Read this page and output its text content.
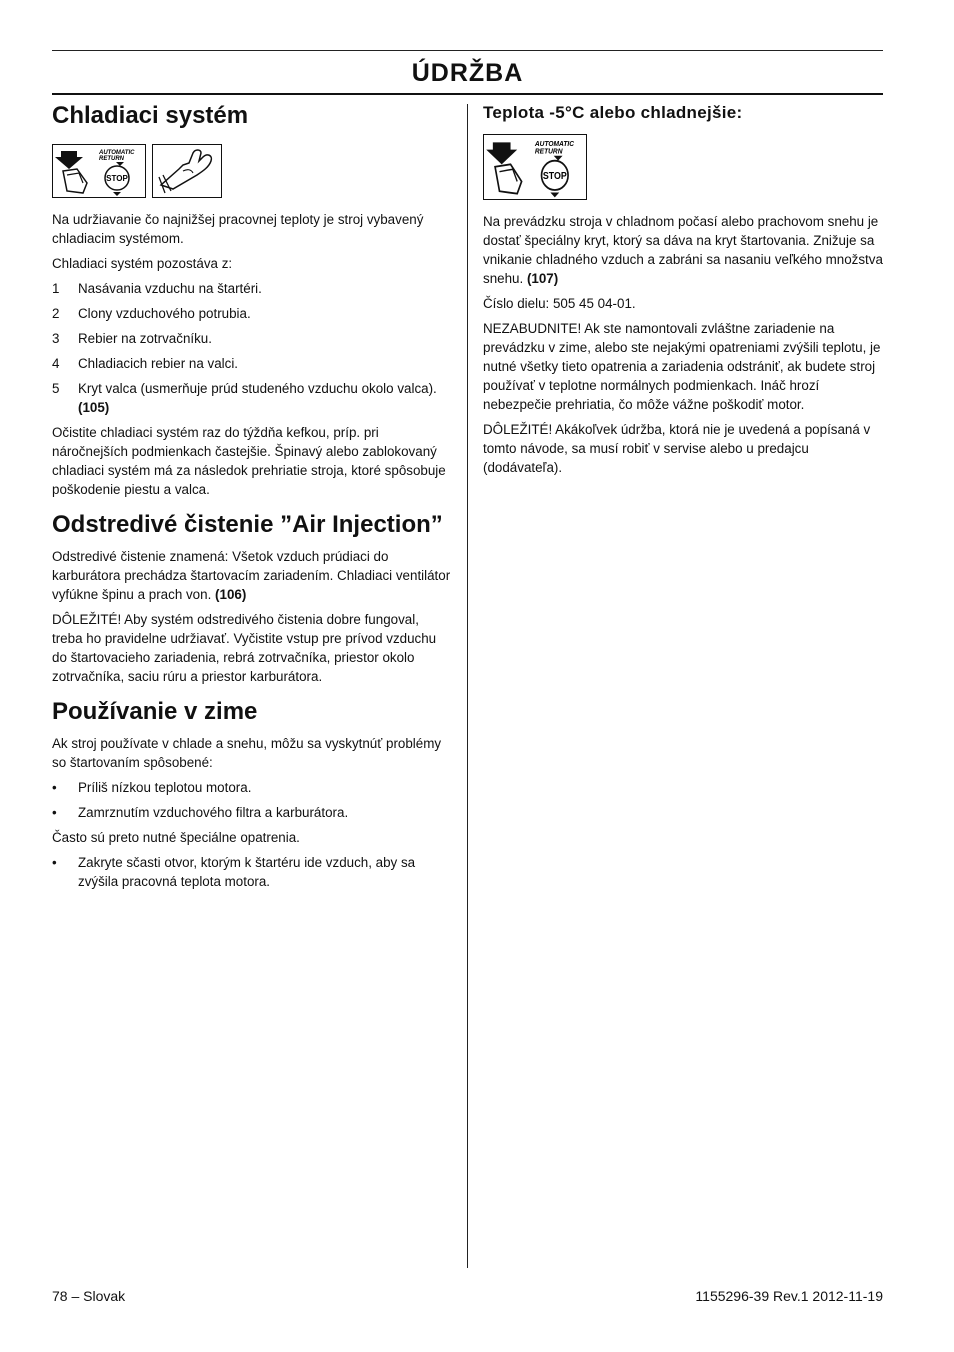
ÚDRŽBA
Chladiaci systém
AUTOMATIC
RETURN
STOP

Na udržiavanie čo najnižšej pracovnej teploty je stroj vybavený chladiacim systémom.

Chladiaci systém pozostáva z:

1 Nasávania vzduchu na štartéri.
2 Clony vzduchového potrubia.
3 Rebier na zotrvačníku.
4 Chladiacich rebier na valci.
5 Kryt valca (usmerňuje prúd studeného vzduchu okolo valca). (105)

Očistite chladiaci systém raz do týždňa kefkou, príp. pri náročnejších podmienkach častejšie. Špinavý alebo zablokovaný chladiaci systém má za následok prehriatie stroja, ktoré spôsobuje poškodenie piestu a valca.

Odstredivé čistenie ”Air Injection”

Odstredivé čistenie znamená: Všetok vzduch prúdiaci do karburátora prechádza štartovacím zariadením. Chladiaci ventilátor vyfúkne špinu a prach von. (106)

DÔLEŽITÉ! Aby systém odstredivého čistenia dobre fungoval, treba ho pravidelne udržiavať. Vyčistite vstup pre prívod vzduchu do štartovacieho zariadenia, rebrá zotrvačníka, priestor okolo zotrvačníka, saciu rúru a priestor karburátora.

Používanie v zime

Ak stroj používate v chlade a snehu, môžu sa vyskytnúť problémy so štartovaním spôsobené:

• Príliš nízkou teplotou motora.
• Zamrznutím vzduchového filtra a karburátora.

Často sú preto nutné špeciálne opatrenia.

• Zakryte sčasti otvor, ktorým k štartéru ide vzduch, aby sa zvýšila pracovná teplota motora.
Teplota -5°C alebo chladnejšie:
AUTOMATIC
RETURN
STOP

Na prevádzku stroja v chladnom počasí alebo prachovom snehu je dostať špeciálny kryt, ktorý sa dáva na kryt štartovania. Znižuje sa vnikanie chladného vzduch a zabráni sa nasaniu veľkého množstva snehu. (107)

Číslo dielu: 505 45 04-01.

NEZABUDNITE! Ak ste namontovali zvláštne zariadenie na prevádzku v zime, alebo ste nejakými opatreniami zvýšili teplotu, je nutné všetky tieto opatrenia a zariadenia odstrániť, ak budete stroj používať v teplotne normálnych podmienkach. Ináč hrozí nebezpečie prehriatia, čo môže vážne poškodiť motor.

DÔLEŽITÉ! Akákoľvek údržba, ktorá nie je uvedená a popísaná v tomto návode, sa musí robiť v servise alebo u predajcu (dodávateľa).

78 – Slovak	1155296-39 Rev.1 2012-11-19
